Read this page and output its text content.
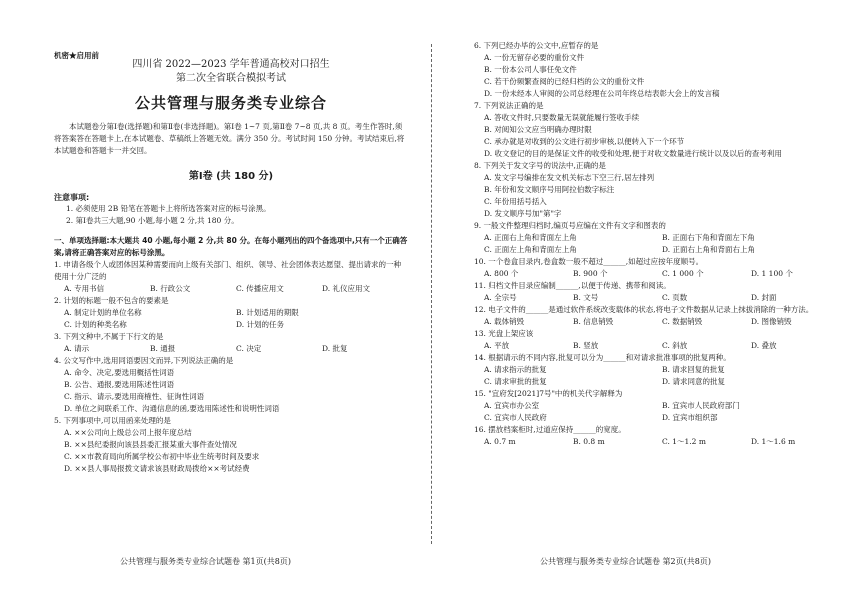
机密★启用前
四川省 2022—2023 学年普通高校对口招生
第二次全省联合模拟考试
公共管理与服务类专业综合
本试题卷分第Ⅰ卷(选择题)和第Ⅱ卷(非选择题)。第Ⅰ卷 1~7 页,第Ⅱ卷 7~8 页,共 8 页。考生作答时,须将答案答在答题卡上,在本试题卷、草稿纸上答题无效。满分 350 分。考试时间 150 分钟。考试结束后,将本试题卷和答题卡一并交回。
第Ⅰ卷 (共 180 分)
注意事项:
1. 必须使用 2B 铅笔在答题卡上将所选答案对应的标号涂黑。
2. 第Ⅰ卷共三大题,90 小题,每小题 2 分,共 180 分。
一、单项选择题:本大题共 40 小题,每小题 2 分,共 80 分。在每小题列出的四个备选项中,只有一个正确答案,请将正确答案对应的标号涂黑。
1. 申请各级个人或团体因某种需要而向上级有关部门、组织、领导、社会团体表达愿望、提出请求的一种使用十分广泛的
A. 专用书信	B. 行政公文	C. 传播应用文	D. 礼仪应用文
2. 计划的标题一般不包含的要素是
A. 制定计划的单位名称	B. 计划适用的期限
C. 计划的种类名称	D. 计划的任务
3. 下列文种中,不属于下行文的是
A. 请示	B. 通报	C. 决定	D. 批复
4. 公文写作中,选用同语要因文而异,下列说法正确的是
A. 命令、决定,要选用概括性词语
B. 公告、通报,要选用陈述性词语
C. 指示、请示,要选用商榷性、征询性词语
D. 单位之间联系工作、沟通信息的函,要选用陈述性和说明性词语
5. 下列事项中,可以用函来处理的是
A. ××公司向上级总公司上报年度总结
B. ××县纪委报向该县县委汇报某重大事件查处情况
C. ××市教育局向所属学校公布初中毕业生统考时间及要求
D. ××县人事局报拨文请求该县财政局拨给××考试经费
公共管理与服务类专业综合试题卷 第1页(共8页)
6. 下列已经办毕的公文中,应暂存的是
A. 一份无留存必要的重份文件
B. 一份本公司人事任免文件
C. 若干份频繁查阅的已经归档的公文的重份文件
D. 一份未经本人审阅的公司总经理在公司年终总结表彰大会上的发言稿
7. 下列说法正确的是
A. 答收文件时,只要数量无误就能履行签收手续
B. 对阅知公文应当明确办理时限
C. 承办就是对收到的公文进行初步审核,以便转入下一个环节
D. 收文登记的目的是保证文件的收受和处理,便于对收文数量进行统计以及以后的查考利用
8. 下列关于发文字号的说法中,正确的是
A. 发文字号编排在发文机关标志下空三行,居左排列
B. 年份和发文顺序号用阿拉伯数字标注
C. 年份用括号括入
D. 发文顺序号加"第"字
9. 一般文件整理归档时,编页号应编在文件有文字和图表的
A. 正面右上角和背面左上角	B. 正面右下角和背面左下角
C. 正面左上角和背面左上角	D. 正面右上角和背面右上角
10. 一个卷盒目录内,卷盒数一般不超过______,如超过应按年度顺号。
A. 800 个	B. 900 个	C. 1 000 个	D. 1 100 个
11. 归档文件目录应编制______,以便于传递、携带和阅读。
A. 全宗号	B. 文号	C. 页数	D. 封面
12. 电子文件的______是通过软件系统改变载体的状态,将电子文件数据从记录上抹拔消除的一种方法。
A. 载体销毁	B. 信息销毁	C. 数据销毁	D. 图像销毁
13. 光盘上架应该
A. 平放	B. 竖放	C. 斜放	D. 叠放
14. 根据请示的不同内容,批复可以分为______和对请求批准事项的批复两种。
A. 请求指示的批复	B. 请求回复的批复
C. 请求审批的批复	D. 请求同意的批复
15. "宜府发[2021]7号"中的机关代字解释为
A. 宜宾市办公室	B. 宜宾市人民政府部门
C. 宜宾市人民政府	D. 宜宾市组织部
16. 摆放档案柜时,过道应保持______的宽度。
A. 0.7 m	B. 0.8 m	C. 1～1.2 m	D. 1～1.6 m
公共管理与服务类专业综合试题卷 第2页(共8页)
